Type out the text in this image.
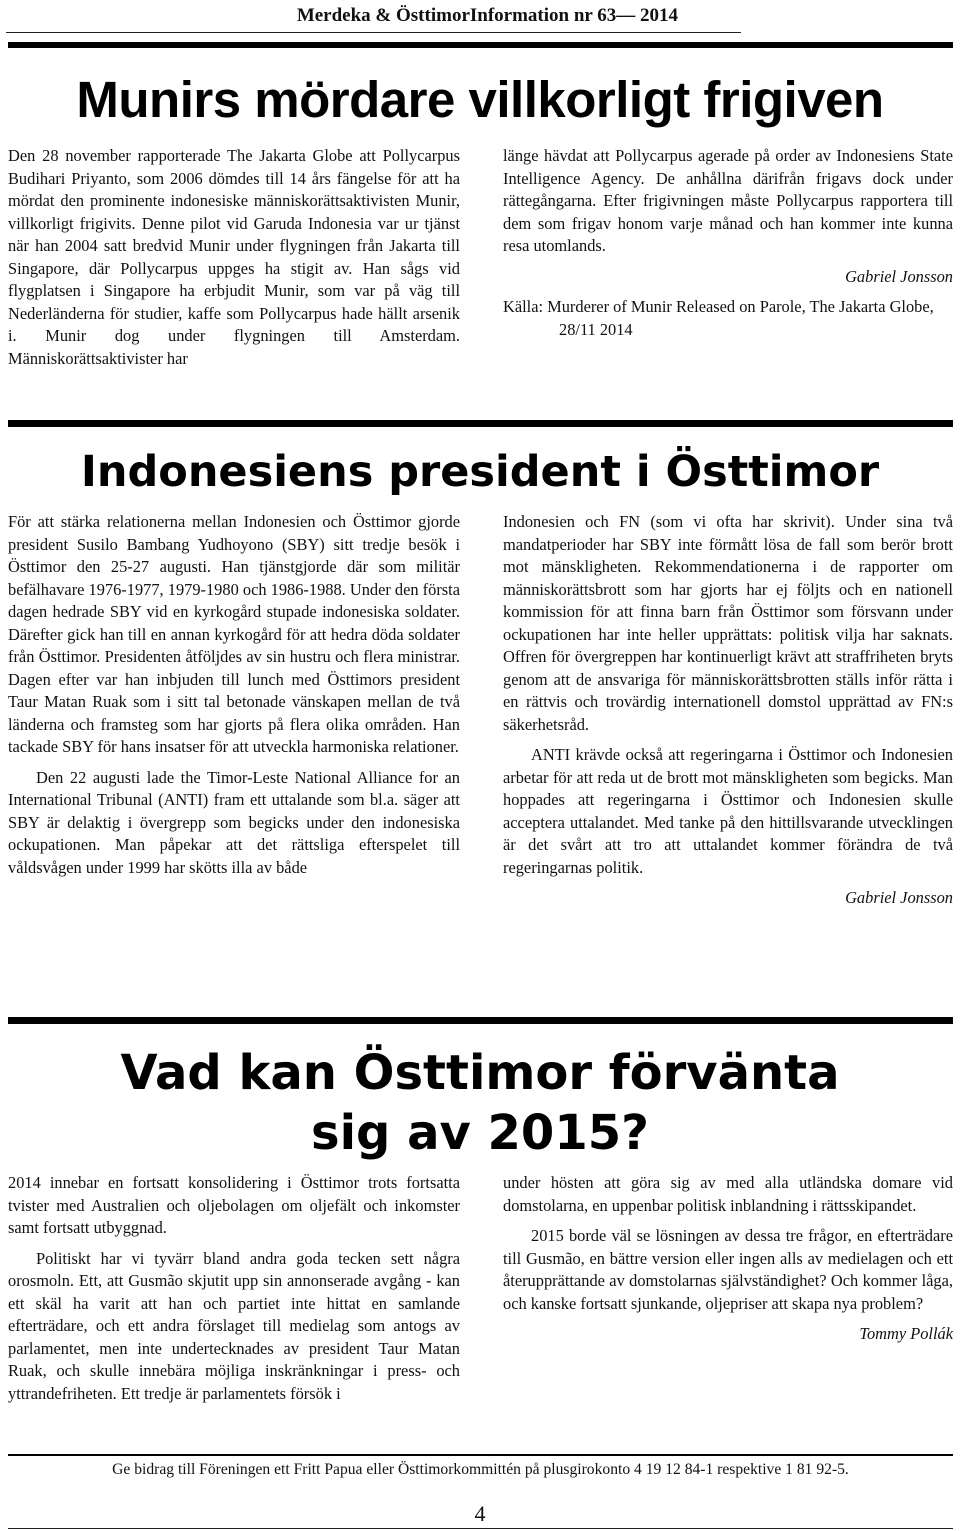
Merdeka & ÖsttimorInformation nr 63— 2014
Munirs mördare villkorligt frigiven

Den 28 november rapporterade The Jakarta Globe att Pollycarpus Budihari Priyanto, som 2006 dömdes till 14 års fängelse för att ha mördat den prominente indonesiske människorättsaktivisten Munir, villkorligt frigivits. Denne pilot vid Garuda Indonesia var ur tjänst när han 2004 satt bredvid Munir under flygningen från Jakarta till Singapore, där Pollycarpus uppges ha stigit av. Han sågs vid flygplatsen i Singapore ha erbjudit Munir, som var på väg till Nederländerna för studier, kaffe som Pollycarpus hade hällt arsenik i. Munir dog under flygningen till Amsterdam. Människorättsaktivister har

länge hävdat att Pollycarpus agerade på order av Indonesiens State Intelligence Agency. De anhållna därifrån frigavs dock under rättegångarna. Efter frigivningen måste Pollycarpus rapportera till dem som frigav honom varje månad och han kommer inte kunna resa utomlands.

Gabriel Jonsson

Källa: Murderer of Munir Released on Parole, The Jakarta Globe, 28/11 2014

Indonesiens president i Östtimor

För att stärka relationerna mellan Indonesien och Östtimor gjorde president Susilo Bambang Yudhoyono (SBY) sitt tredje besök i Östtimor den 25-27 augusti. Han tjänstgjorde där som militär befälhavare 1976-1977, 1979-1980 och 1986-1988. Under den första dagen hedrade SBY vid en kyrkogård stupade indonesiska soldater. Därefter gick han till en annan kyrkogård för att hedra döda soldater från Östtimor. Presidenten åtföljdes av sin hustru och flera ministrar. Dagen efter var han inbjuden till lunch med Östtimors president Taur Matan Ruak som i sitt tal betonade vänskapen mellan de två länderna och framsteg som har gjorts på flera olika områden. Han tackade SBY för hans insatser för att utveckla harmoniska relationer.

Den 22 augusti lade the Timor-Leste National Alliance for an International Tribunal (ANTI) fram ett uttalande som bl.a. säger att SBY är delaktig i övergrepp som begicks under den indonesiska ockupationen. Man påpekar att det rättsliga efterspelet till våldsvågen under 1999 har skötts illa av både

Indonesien och FN (som vi ofta har skrivit). Under sina två mandatperioder har SBY inte förmått lösa de fall som berör brott mot mänskligheten. Rekommendationerna i de rapporter om människorättsbrott som har gjorts har ej följts och en nationell kommission för att finna barn från Östtimor som försvann under ockupationen har inte heller upprättats: politisk vilja har saknats. Offren för övergreppen har kontinuerligt krävt att straffriheten bryts genom att de ansvariga för människorättsbrotten ställs inför rätta i en rättvis och trovärdig internationell domstol upprättad av FN:s säkerhetsråd.

ANTI krävde också att regeringarna i Östtimor och Indonesien arbetar för att reda ut de brott mot mänskligheten som begicks. Man hoppades att regeringarna i Östtimor och Indonesien skulle acceptera uttalandet. Med tanke på den hittillsvarande utvecklingen är det svårt att tro att uttalandet kommer förändra de två regeringarnas politik.

Gabriel Jonsson

Vad kan Östtimor förvänta sig av 2015?

2014 innebar en fortsatt konsolidering i Östtimor trots fortsatta tvister med Australien och oljebolagen om oljefält och inkomster samt fortsatt utbyggnad.

Politiskt har vi tyvärr bland andra goda tecken sett några orosmoln. Ett, att Gusmão skjutit upp sin annonserade avgång - kan ett skäl ha varit att han och partiet inte hittat en samlande efterträdare, och ett andra förslaget till medielag som antogs av parlamentet, men inte undertecknades av president Taur Matan Ruak, och skulle innebära möjliga inskränkningar i press- och yttrandefriheten. Ett tredje är parlamentets försök i

under hösten att göra sig av med alla utländska domare vid domstolarna, en uppenbar politisk inblandning i rättsskipandet.

2015 borde väl se lösningen av dessa tre frågor, en efterträdare till Gusmão, en bättre version eller ingen alls av medielagen och ett återupprättande av domstolarnas självständighet? Och kommer låga, och kanske fortsatt sjunkande, oljepriser att skapa nya problem?

Tommy Pollák

Ge bidrag till Föreningen ett Fritt Papua eller Östtimorkommittén på plusgirokonto 4 19 12 84-1 respektive 1 81 92-5.
4
